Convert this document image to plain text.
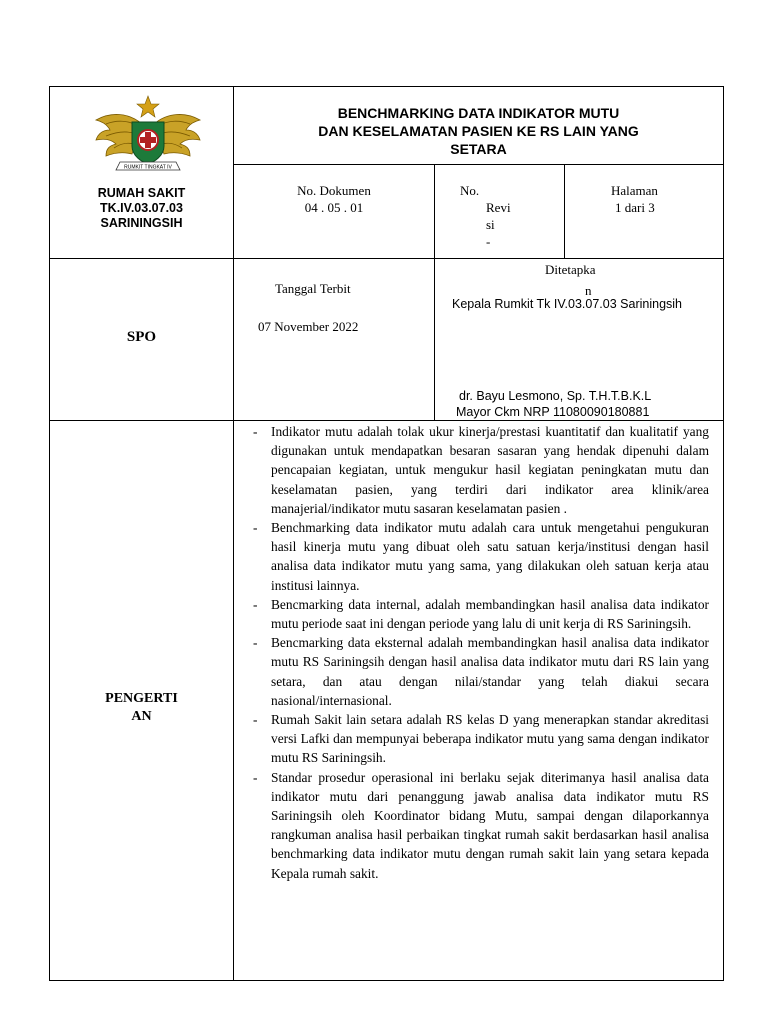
RUMKIT TINGKAT IV
RUMAH SAKIT
TK.IV.03.07.03
SARININGSIH
BENCHMARKING DATA INDIKATOR MUTU
DAN KESELAMATAN PASIEN KE RS LAIN YANG
SETARA
No. Dokumen
04 . 05 . 01
No.
Revi
si
-
Halaman
1 dari 3
SPO
Tanggal Terbit
07 November 2022
Ditetapka
n
Kepala Rumkit Tk IV.03.07.03 Sariningsih
dr. Bayu Lesmono, Sp. T.H.T.B.K.L
Mayor Ckm NRP 11080090180881
PENGERTI
AN
- Indikator mutu adalah tolak ukur kinerja/prestasi kuantitatif dan kualitatif yang digunakan untuk mendapatkan besaran sasaran yang hendak dipenuhi dalam pencapaian kegiatan, untuk mengukur hasil kegiatan peningkatan mutu dan keselamatan pasien, yang terdiri dari indikator area klinik/area manajerial/indikator mutu sasaran keselamatan pasien .
- Benchmarking data indikator mutu adalah cara untuk mengetahui pengukuran hasil kinerja mutu yang dibuat oleh satu satuan kerja/institusi dengan hasil analisa data indikator mutu yang sama, yang dilakukan oleh satuan kerja atau institusi lainnya.
- Bencmarking data internal, adalah membandingkan hasil analisa data indikator mutu periode saat ini dengan periode yang lalu di unit kerja di RS Sariningsih.
- Bencmarking data eksternal adalah membandingkan hasil analisa data indikator mutu RS Sariningsih dengan hasil analisa data indikator mutu dari RS lain yang setara, dan atau dengan nilai/standar yang telah diakui secara nasional/internasional.
- Rumah Sakit lain setara adalah RS kelas D yang menerapkan standar akreditasi versi Lafki dan mempunyai beberapa indikator mutu yang sama dengan indikator mutu RS Sariningsih.
- Standar prosedur operasional ini berlaku sejak diterimanya hasil analisa data indikator mutu dari penanggung jawab analisa data indikator mutu RS Sariningsih oleh Koordinator bidang Mutu, sampai dengan dilaporkannya rangkuman analisa hasil perbaikan tingkat rumah sakit berdasarkan hasil analisa benchmarking data indikator mutu dengan rumah sakit lain yang setara kepada Kepala rumah sakit.
